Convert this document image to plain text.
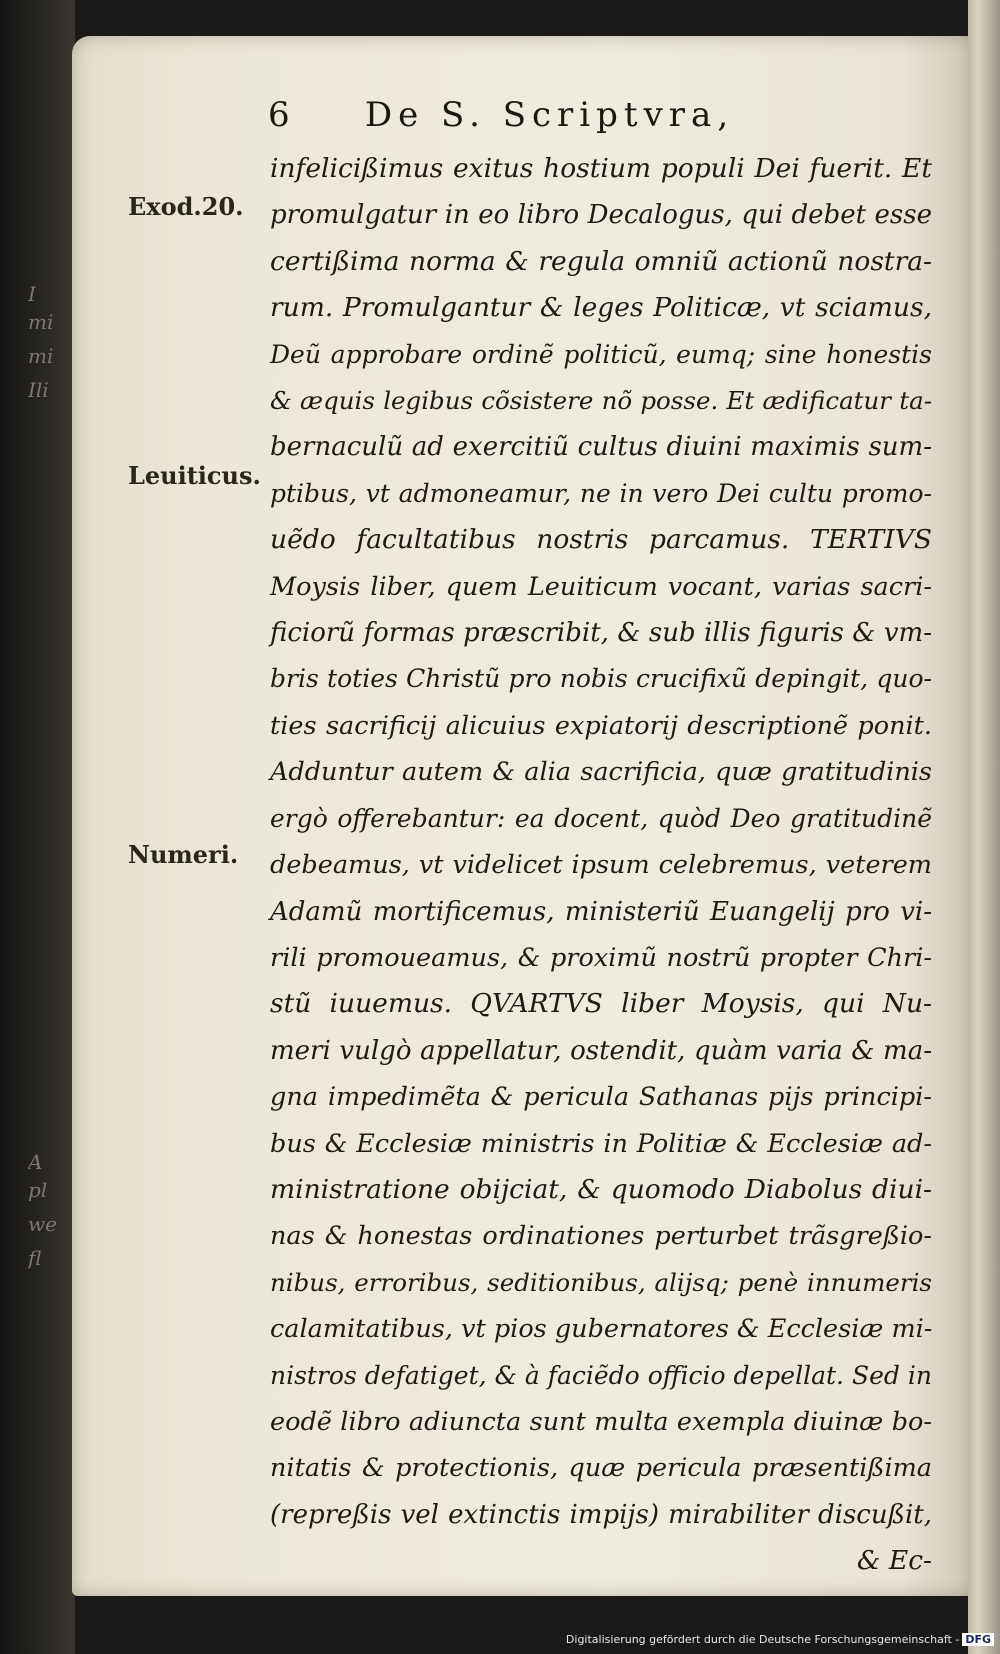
I
mi
mi
Ili
A
pl
we
fl
6 De S. Scriptvra,
Exod.20.
Leuiticus.
Numeri.
infelicißimus exitus hostium populi Dei fuerit. Et
promulgatur in eo libro Decalogus, qui debet esse
certißima norma & regula omniũ actionũ nostra-
rum. Promulgantur & leges Politicæ, vt sciamus,
Deũ approbare ordinẽ politicũ, eumq; sine honestis
& æquis legibus cõsistere nõ posse. Et ædificatur ta-
bernaculũ ad exercitiũ cultus diuini maximis sum-
ptibus, vt admoneamur, ne in vero Dei cultu promo-
uẽdo facultatibus nostris parcamus. TERTIVS
Moysis liber, quem Leuiticum vocant, varias sacri-
ficiorũ formas præscribit, & sub illis figuris & vm-
bris toties Christũ pro nobis crucifixũ depingit, quo-
ties sacrificij alicuius expiatorij descriptionẽ ponit.
Adduntur autem & alia sacrificia, quæ gratitudinis
ergò offerebantur: ea docent, quòd Deo gratitudinẽ
debeamus, vt videlicet ipsum celebremus, veterem
Adamũ mortificemus, ministeriũ Euangelij pro vi-
rili promoueamus, & proximũ nostrũ propter Chri-
stũ iuuemus. QVARTVS liber Moysis, qui Nu-
meri vulgò appellatur, ostendit, quàm varia & ma-
gna impedimẽta & pericula Sathanas pijs principi-
bus & Ecclesiæ ministris in Politiæ & Ecclesiæ ad-
ministratione obijciat, & quomodo Diabolus diui-
nas & honestas ordinationes perturbet trãsgreßio-
nibus, erroribus, seditionibus, alijsq; penè innumeris
calamitatibus, vt pios gubernatores & Ecclesiæ mi-
nistros defatiget, & à faciẽdo officio depellat. Sed in
eodẽ libro adiuncta sunt multa exempla diuinæ bo-
nitatis & protectionis, quæ pericula præsentißima
(repreßis vel extinctis impijs) mirabiliter discußit,
& Ec-
Digitalisierung gefördert durch die Deutsche Forschungsgemeinschaft - DFG
